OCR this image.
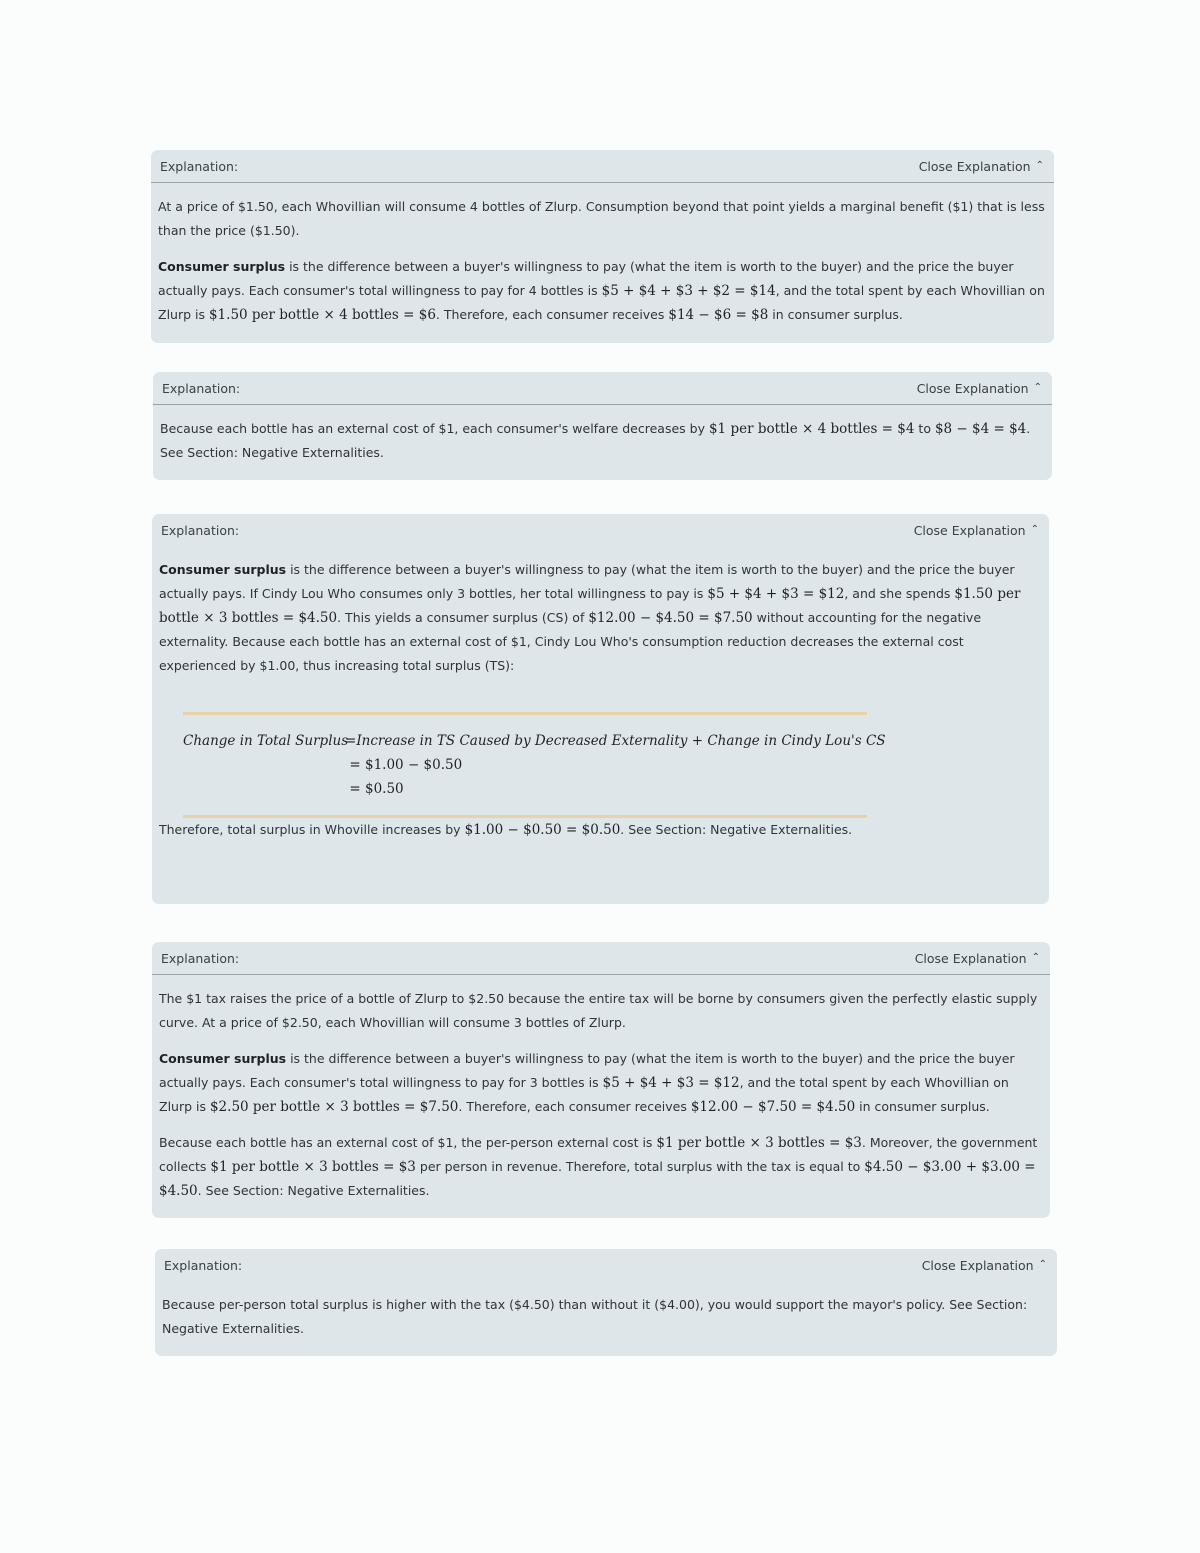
Explanation:	Close Explanation ⌃

At a price of $1.50, each Whovillian will consume 4 bottles of Zlurp. Consumption beyond that point yields a marginal benefit ($1) that is less than the price ($1.50).

Consumer surplus is the difference between a buyer's willingness to pay (what the item is worth to the buyer) and the price the buyer actually pays. Each consumer's total willingness to pay for 4 bottles is $5 + $4 + $3 + $2 = $14, and the total spent by each Whovillian on Zlurp is $1.50 per bottle × 4 bottles = $6. Therefore, each consumer receives $14 − $6 = $8 in consumer surplus.

Explanation:	Close Explanation ⌃

Because each bottle has an external cost of $1, each consumer's welfare decreases by $1 per bottle × 4 bottles = $4 to $8 − $4 = $4. See Section: Negative Externalities.

Explanation:	Close Explanation ⌃

Consumer surplus is the difference between a buyer's willingness to pay (what the item is worth to the buyer) and the price the buyer actually pays. If Cindy Lou Who consumes only 3 bottles, her total willingness to pay is $5 + $4 + $3 = $12, and she spends $1.50 per bottle × 3 bottles = $4.50. This yields a consumer surplus (CS) of $12.00 − $4.50 = $7.50 without accounting for the negative externality. Because each bottle has an external cost of $1, Cindy Lou Who's consumption reduction decreases the external cost experienced by $1.00, thus increasing total surplus (TS):

Change in Total Surplus
= Increase in TS Caused by Decreased Externality + Change in Cindy Lou's CS
= $1.00 − $0.50
= $0.50

Therefore, total surplus in Whoville increases by $1.00 − $0.50 = $0.50. See Section: Negative Externalities.

Explanation:	Close Explanation ⌃

The $1 tax raises the price of a bottle of Zlurp to $2.50 because the entire tax will be borne by consumers given the perfectly elastic supply curve. At a price of $2.50, each Whovillian will consume 3 bottles of Zlurp.

Consumer surplus is the difference between a buyer's willingness to pay (what the item is worth to the buyer) and the price the buyer actually pays. Each consumer's total willingness to pay for 3 bottles is $5 + $4 + $3 = $12, and the total spent by each Whovillian on Zlurp is $2.50 per bottle × 3 bottles = $7.50. Therefore, each consumer receives $12.00 − $7.50 = $4.50 in consumer surplus.

Because each bottle has an external cost of $1, the per-person external cost is $1 per bottle × 3 bottles = $3. Moreover, the government collects $1 per bottle × 3 bottles = $3 per person in revenue. Therefore, total surplus with the tax is equal to $4.50 − $3.00 + $3.00 = $4.50. See Section: Negative Externalities.

Explanation:	Close Explanation ⌃

Because per-person total surplus is higher with the tax ($4.50) than without it ($4.00), you would support the mayor's policy. See Section: Negative Externalities.
